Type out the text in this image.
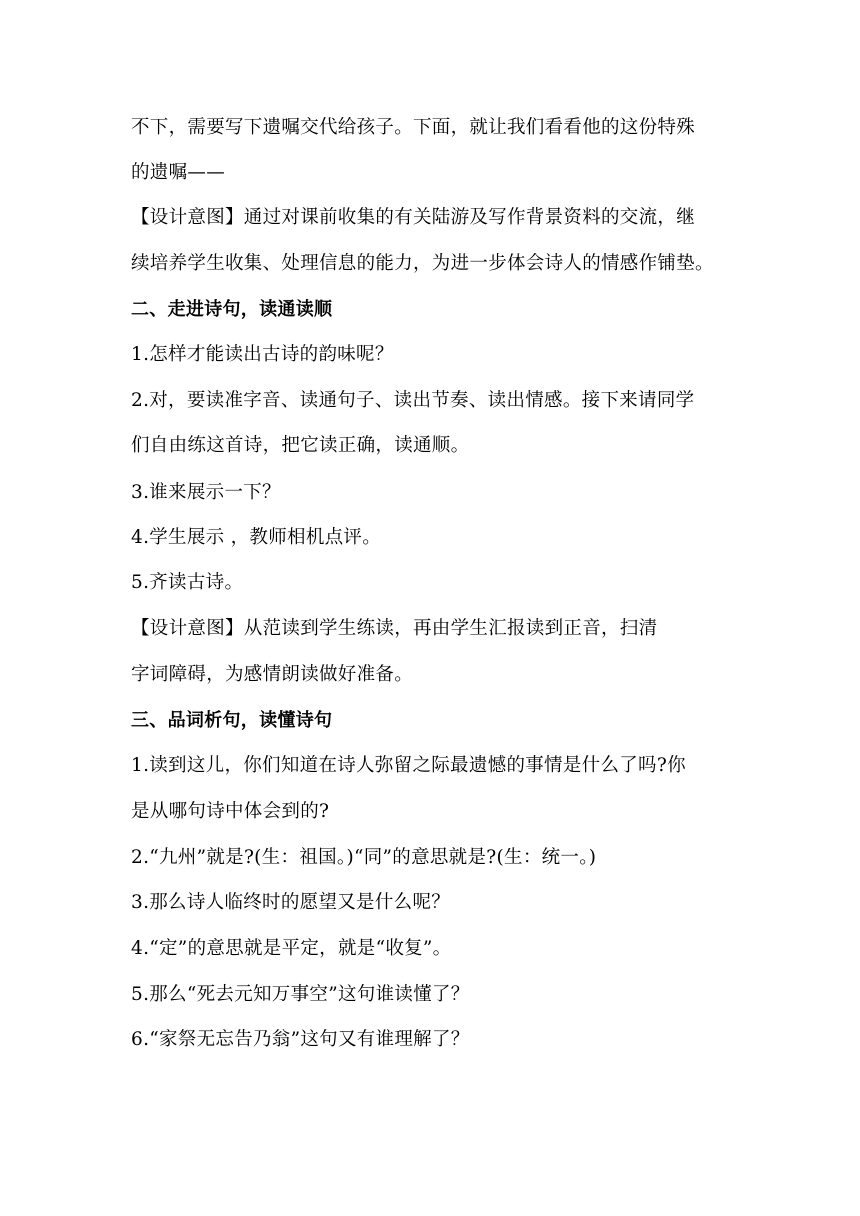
不下，需要写下遗嘱交代给孩子。下面，就让我们看看他的这份特殊
的遗嘱——
【设计意图】通过对课前收集的有关陆游及写作背景资料的交流，继
续培养学生收集、处理信息的能力，为进一步体会诗人的情感作铺垫。
二、走进诗句，读通读顺
1.怎样才能读出古诗的韵味呢？
2.对，要读准字音、读通句子、读出节奏、读出情感。接下来请同学
们自由练这首诗，把它读正确，读通顺。
3.谁来展示一下？
4.学生展示 ，教师相机点评。
5.齐读古诗。
【设计意图】从范读到学生练读，再由学生汇报读到正音，扫清
字词障碍，为感情朗读做好准备。
三、品词析句，读懂诗句
1.读到这儿，你们知道在诗人弥留之际最遗憾的事情是什么了吗?你
是从哪句诗中体会到的?
2.“九州”就是?(生：祖国。)“同”的意思就是?(生：统一。)
3.那么诗人临终时的愿望又是什么呢？
4.“定”的意思就是平定，就是“收复”。
5.那么“死去元知万事空”这句谁读懂了？
6.“家祭无忘告乃翁”这句又有谁理解了？
